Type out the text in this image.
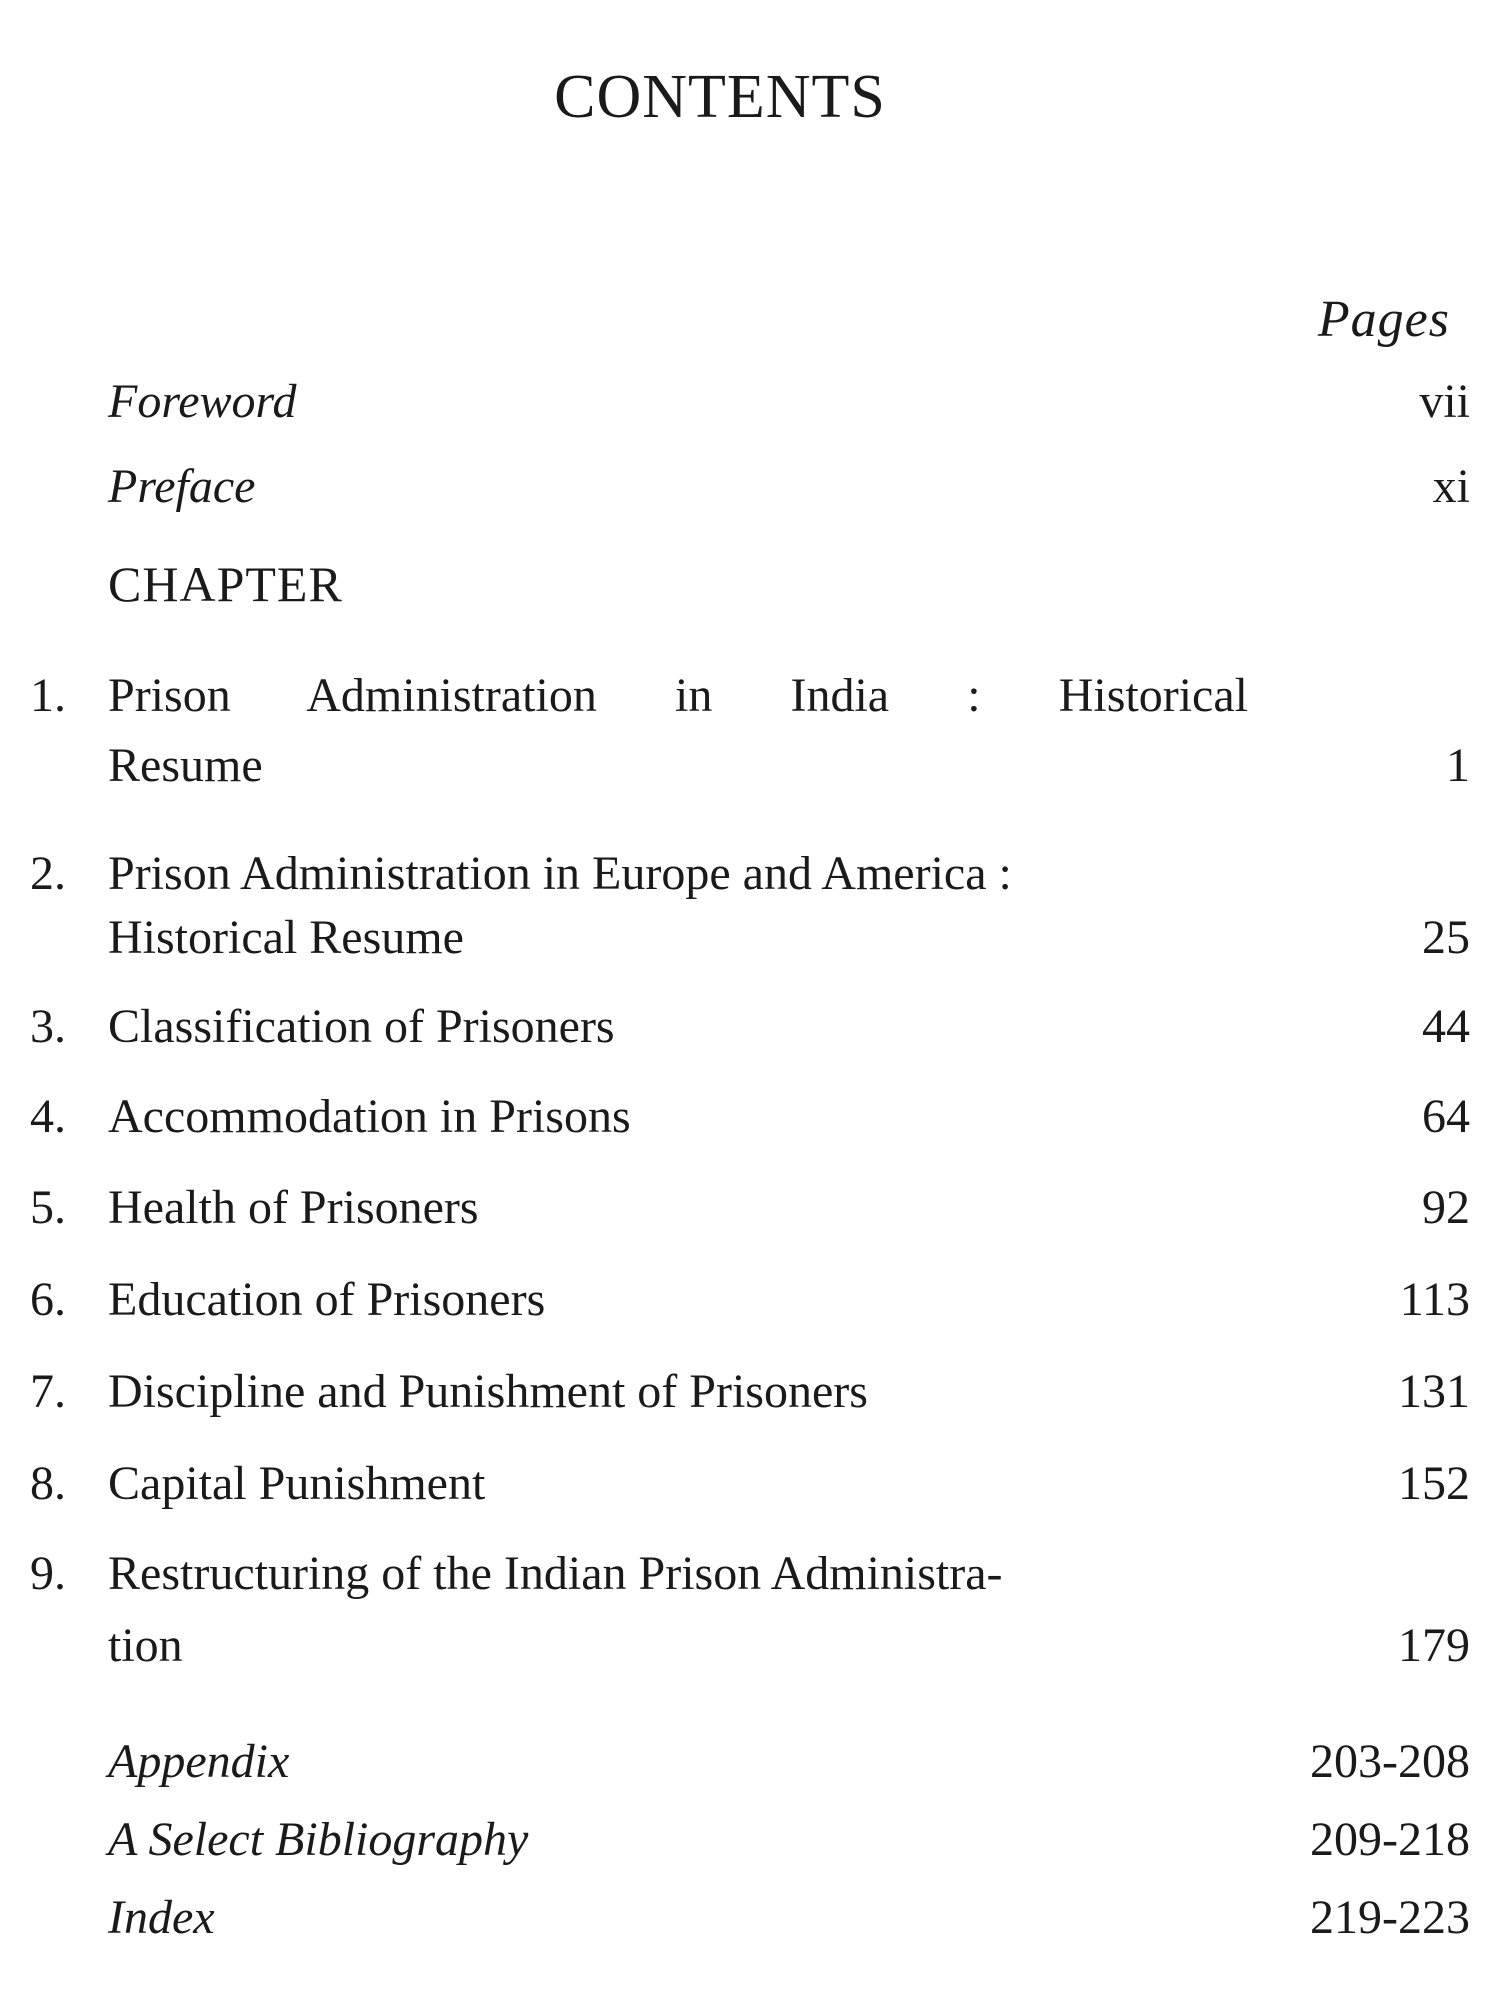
CONTENTS
Pages
Foreword	vii
Preface	xi
CHAPTER
1. Prison Administration in India : Historical
Resume	1
2. Prison Administration in Europe and America :
Historical Resume	25
3. Classification of Prisoners	44
4. Accommodation in Prisons	64
5. Health of Prisoners	92
6. Education of Prisoners	113
7. Discipline and Punishment of Prisoners	131
8. Capital Punishment	152
9. Restructuring of the Indian Prison Administra-
tion	179
Appendix	203-208
A Select Bibliography	209-218
Index	219-223
